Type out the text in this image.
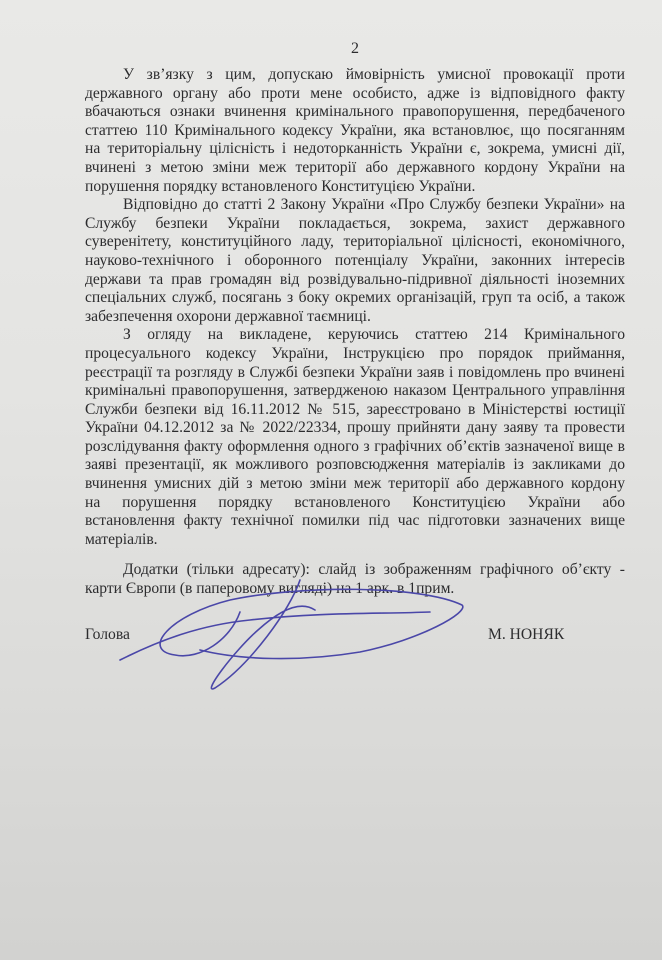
2
У зв’язку з цим, допускаю ймовірність умисної провокації проти
державного органу або проти мене особисто, адже із відповідного факту
вбачаються ознаки вчинення кримінального правопорушення, передбаченого
статтею 110 Кримінального кодексу України, яка встановлює, що посяганням
на територіальну цілісність і недоторканність України є, зокрема, умисні дії,
вчинені з метою зміни меж території або державного кордону України на
порушення порядку встановленого Конституцією України.
Відповідно до статті 2 Закону України «Про Службу безпеки України» на
Службу безпеки України покладається, зокрема, захист державного
суверенітету, конституційного ладу, територіальної цілісності, економічного,
науково-технічного і оборонного потенціалу України, законних інтересів
держави та прав громадян від розвідувально-підривної діяльності іноземних
спеціальних служб, посягань з боку окремих організацій, груп та осіб, а також
забезпечення охорони державної таємниці.
З огляду на викладене, керуючись статтею 214 Кримінального
процесуального кодексу України, Інструкцією про порядок приймання,
реєстрації та розгляду в Службі безпеки України заяв і повідомлень про вчинені
кримінальні правопорушення, затвердженою наказом Центрального управління
Служби безпеки від 16.11.2012 № 515, зареєстровано в Міністерстві юстиції
України 04.12.2012 за № 2022/22334, прошу прийняти дану заяву та провести
розслідування факту оформлення одного з графічних об’єктів зазначеної вище в
заяві презентації, як можливого розповсюдження матеріалів із закликами до
вчинення умисних дій з метою зміни меж території або державного кордону
на порушення порядку встановленого Конституцією України або
встановлення факту технічної помилки під час підготовки зазначених вище
матеріалів.
Додатки (тільки адресату): слайд із зображенням графічного об’єкту -
карти Європи (в паперовому вигляді) на 1 арк. в 1прим.
Голова	М. НОНЯК
